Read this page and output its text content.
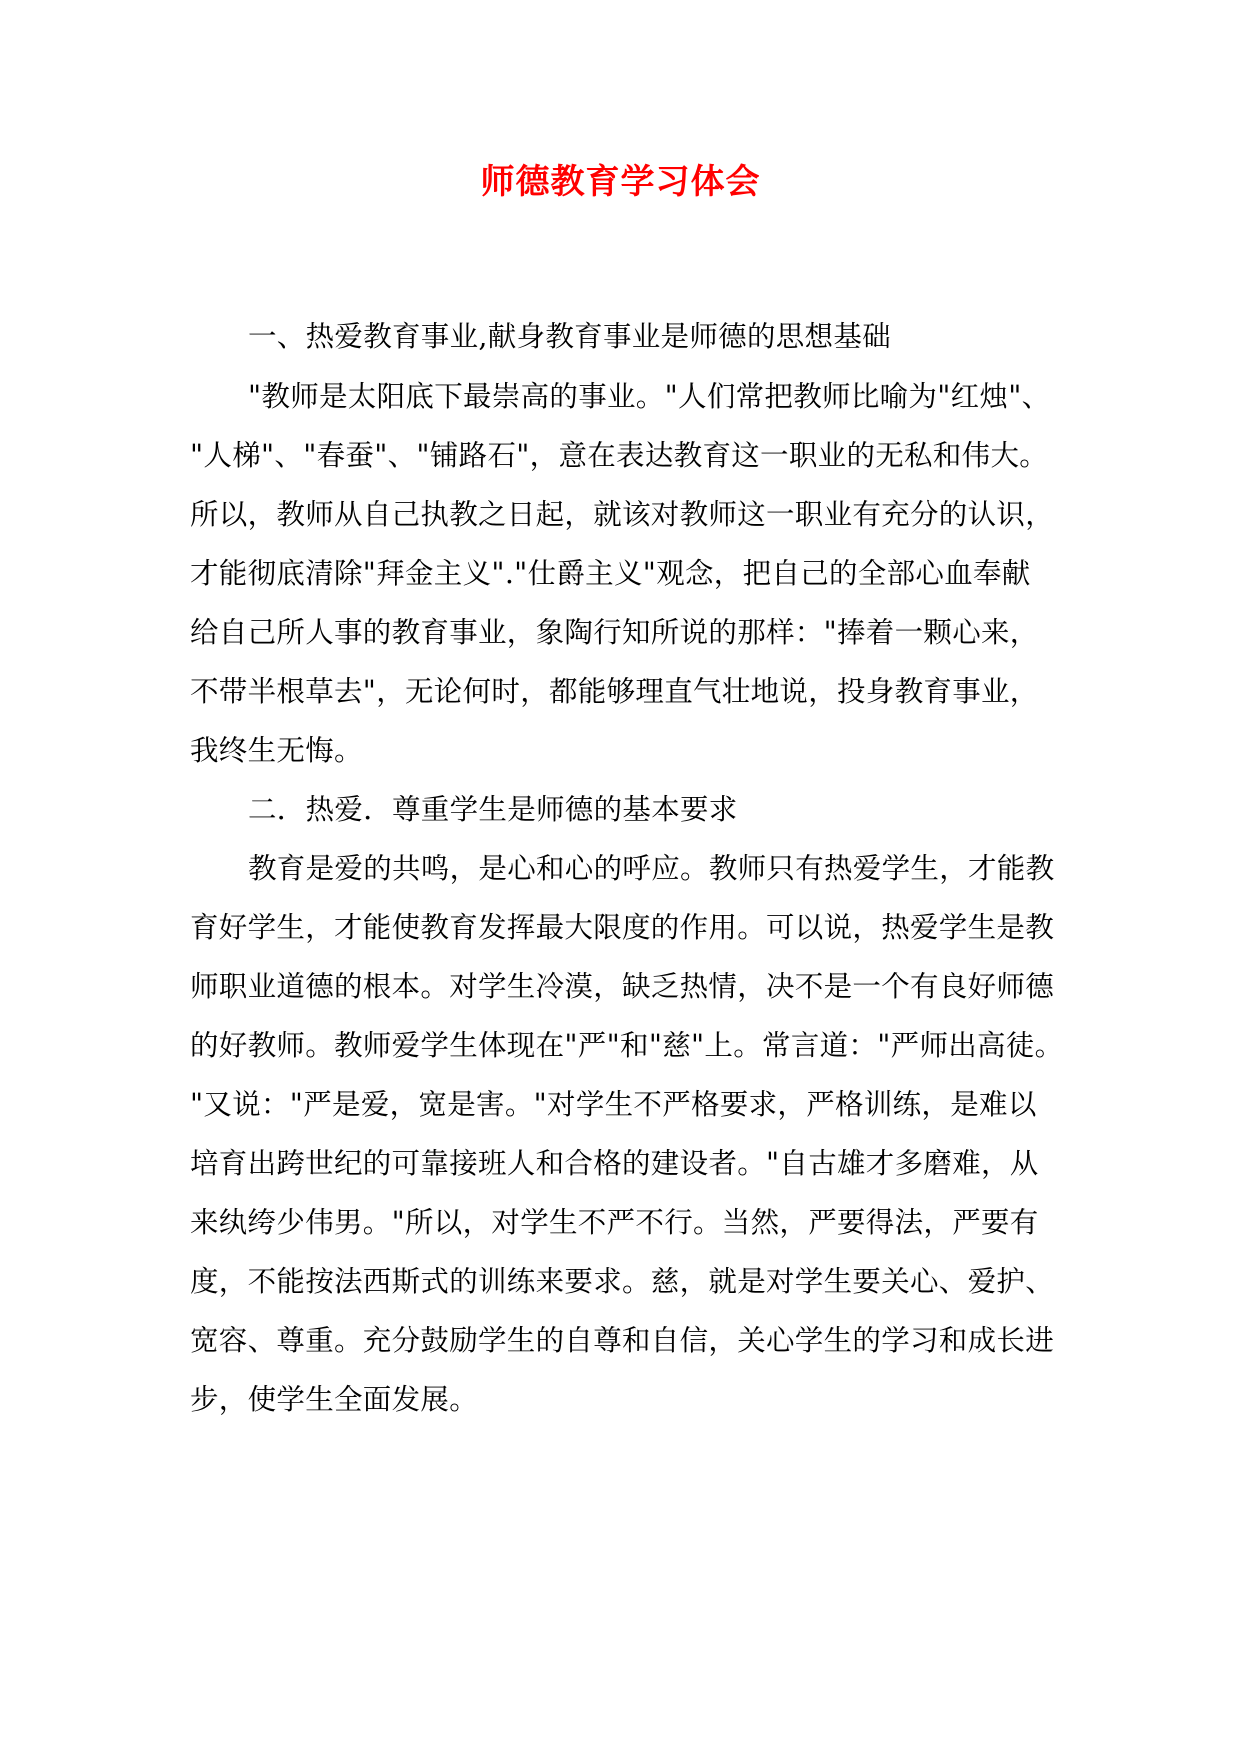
师德教育学习体会
一、热爱教育事业,献身教育事业是师德的思想基础
"教师是太阳底下最崇高的事业。"人们常把教师比喻为"红烛"、
"人梯"、"春蚕"、"铺路石"，意在表达教育这一职业的无私和伟大。
所以，教师从自己执教之日起，就该对教师这一职业有充分的认识，
才能彻底清除"拜金主义"."仕爵主义"观念，把自己的全部心血奉献
给自己所人事的教育事业，象陶行知所说的那样："捧着一颗心来，
不带半根草去"，无论何时，都能够理直气壮地说，投身教育事业，
我终生无悔。
二．热爱．尊重学生是师德的基本要求
教育是爱的共鸣，是心和心的呼应。教师只有热爱学生，才能教
育好学生，才能使教育发挥最大限度的作用。可以说，热爱学生是教
师职业道德的根本。对学生冷漠，缺乏热情，决不是一个有良好师德
的好教师。教师爱学生体现在"严"和"慈"上。常言道："严师出高徒。
"又说："严是爱，宽是害。"对学生不严格要求，严格训练，是难以
培育出跨世纪的可靠接班人和合格的建设者。"自古雄才多磨难，从
来纨绔少伟男。"所以，对学生不严不行。当然，严要得法，严要有
度，不能按法西斯式的训练来要求。慈，就是对学生要关心、爱护、
宽容、尊重。充分鼓励学生的自尊和自信，关心学生的学习和成长进
步，使学生全面发展。
